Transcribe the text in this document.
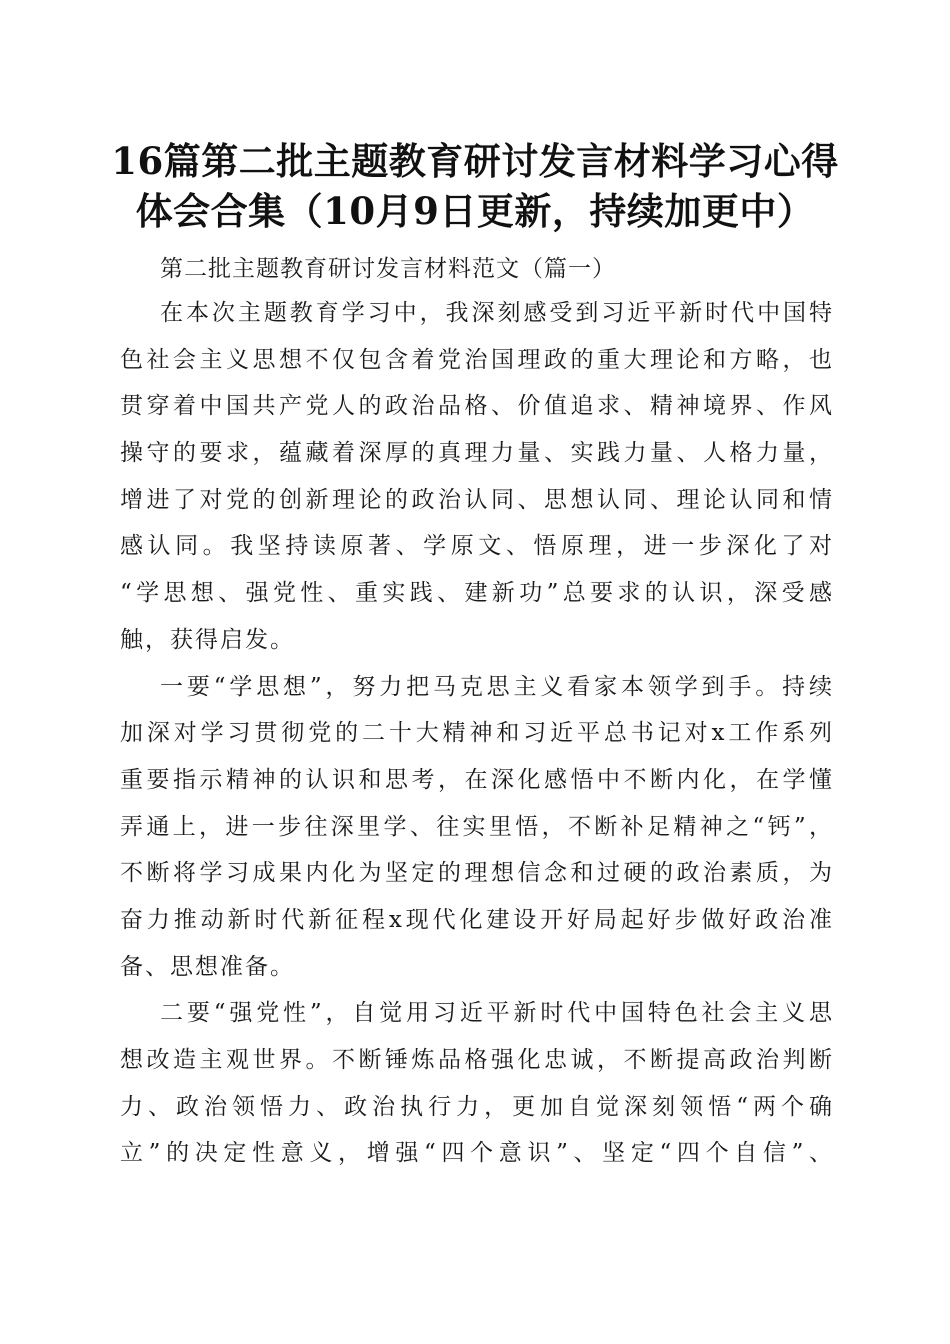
16篇第二批主题教育研讨发言材料学习心得
体会合集（10月9日更新，持续加更中）

第二批主题教育研讨发言材料范文（篇一）

在本次主题教育学习中，我深刻感受到习近平新时代中国特
色社会主义思想不仅包含着党治国理政的重大理论和方略，也
贯穿着中国共产党人的政治品格、价值追求、精神境界、作风
操守的要求，蕴藏着深厚的真理力量、实践力量、人格力量，
增进了对党的创新理论的政治认同、思想认同、理论认同和情
感认同。我坚持读原著、学原文、悟原理，进一步深化了对
“学思想、强党性、重实践、建新功”总要求的认识，深受感
触，获得启发。
一要“学思想”，努力把马克思主义看家本领学到手。持续
加深对学习贯彻党的二十大精神和习近平总书记对x工作系列
重要指示精神的认识和思考，在深化感悟中不断内化，在学懂
弄通上，进一步往深里学、往实里悟，不断补足精神之“钙”，
不断将学习成果内化为坚定的理想信念和过硬的政治素质，为
奋力推动新时代新征程x现代化建设开好局起好步做好政治准
备、思想准备。
二要“强党性”，自觉用习近平新时代中国特色社会主义思
想改造主观世界。不断锤炼品格强化忠诚，不断提高政治判断
力、政治领悟力、政治执行力，更加自觉深刻领悟“两个确
立”的决定性意义，增强“四个意识”、坚定“四个自信”、
